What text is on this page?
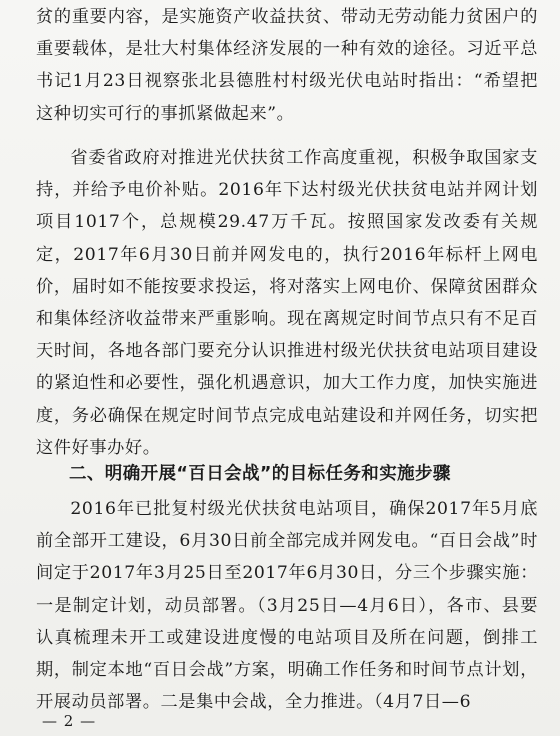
贫的重要内容，是实施资产收益扶贫、带动无劳动能力贫困户的重要载体，是壮大村集体经济发展的一种有效的途径。习近平总书记1月23日视察张北县德胜村村级光伏电站时指出：“希望把这种切实可行的事抓紧做起来”。

省委省政府对推进光伏扶贫工作高度重视，积极争取国家支持，并给予电价补贴。2016年下达村级光伏扶贫电站并网计划项目1017个，总规模29.47万千瓦。按照国家发改委有关规定，2017年6月30日前并网发电的，执行2016年标杆上网电价，届时如不能按要求投运，将对落实上网电价、保障贫困群众和集体经济收益带来严重影响。现在离规定时间节点只有不足百天时间，各地各部门要充分认识推进村级光伏扶贫电站项目建设的紧迫性和必要性，强化机遇意识，加大工作力度，加快实施进度，务必确保在规定时间节点完成电站建设和并网任务，切实把这件好事办好。

二、明确开展“百日会战”的目标任务和实施步骤

2016年已批复村级光伏扶贫电站项目，确保2017年5月底前全部开工建设，6月30日前全部完成并网发电。“百日会战”时间定于2017年3月25日至2017年6月30日，分三个步骤实施：一是制定计划，动员部署。（3月25日—4月6日），各市、县要认真梳理未开工或建设进度慢的电站项目及所在问题，倒排工期，制定本地“百日会战”方案，明确工作任务和时间节点计划，开展动员部署。二是集中会战，全力推进。（4月7日—6

— 2 —
